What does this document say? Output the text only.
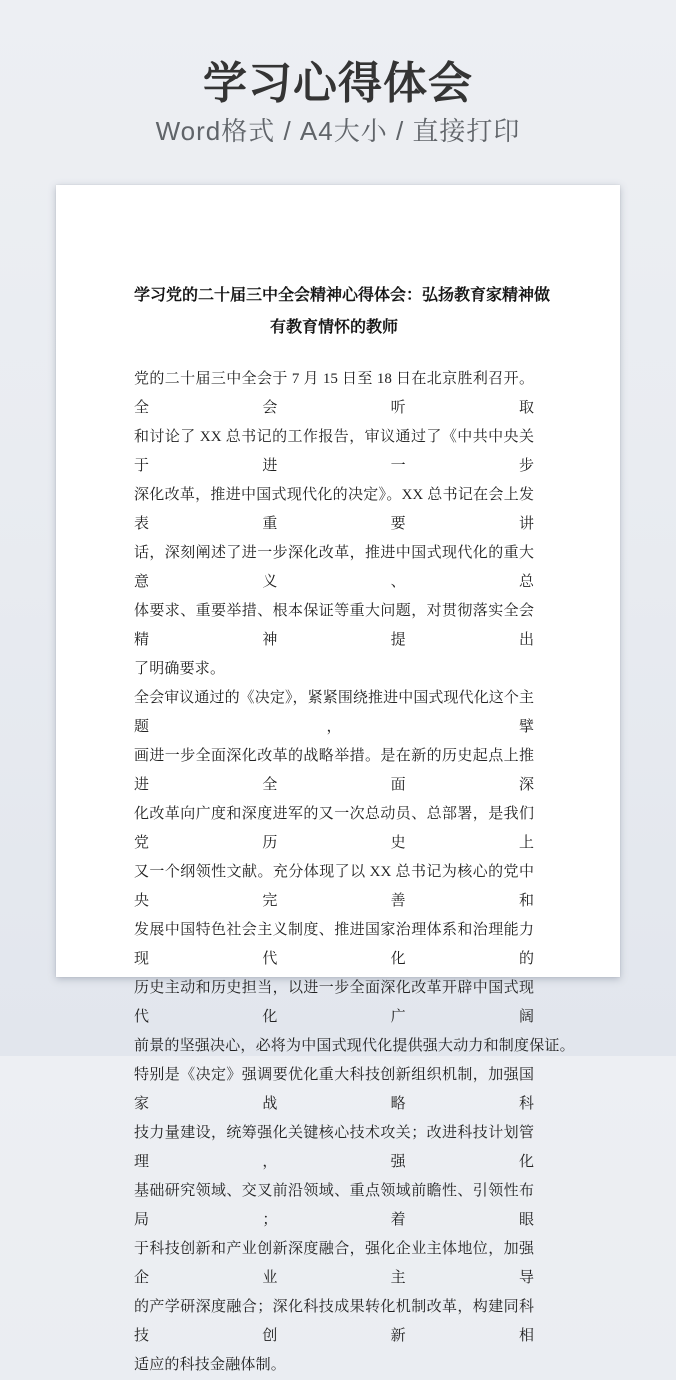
学习心得体会
Word格式 / A4大小 / 直接打印
学习党的二十届三中全会精神心得体会：弘扬教育家精神做
有教育情怀的教师
党的二十届三中全会于 7 月 15 日至 18 日在北京胜利召开。全会听取
和讨论了 XX 总书记的工作报告，审议通过了《中共中央关于进一步
深化改革，推进中国式现代化的决定》。XX 总书记在会上发表重要讲
话，深刻阐述了进一步深化改革，推进中国式现代化的重大意义、总
体要求、重要举措、根本保证等重大问题，对贯彻落实全会精神提出
了明确要求。
全会审议通过的《决定》，紧紧围绕推进中国式现代化这个主题，擘
画进一步全面深化改革的战略举措。是在新的历史起点上推进全面深
化改革向广度和深度进军的又一次总动员、总部署，是我们党历史上
又一个纲领性文献。充分体现了以 XX 总书记为核心的党中央完善和
发展中国特色社会主义制度、推进国家治理体系和治理能力现代化的
历史主动和历史担当，以进一步全面深化改革开辟中国式现代化广阔
前景的坚强决心，必将为中国式现代化提供强大动力和制度保证。
特别是《决定》强调要优化重大科技创新组织机制，加强国家战略科
技力量建设，统筹强化关键核心技术攻关；改进科技计划管理，强化
基础研究领域、交叉前沿领域、重点领域前瞻性、引领性布局；着眼
于科技创新和产业创新深度融合，强化企业主体地位，加强企业主导
的产学研深度融合；深化科技成果转化机制改革，构建同科技创新相
适应的科技金融体制。
